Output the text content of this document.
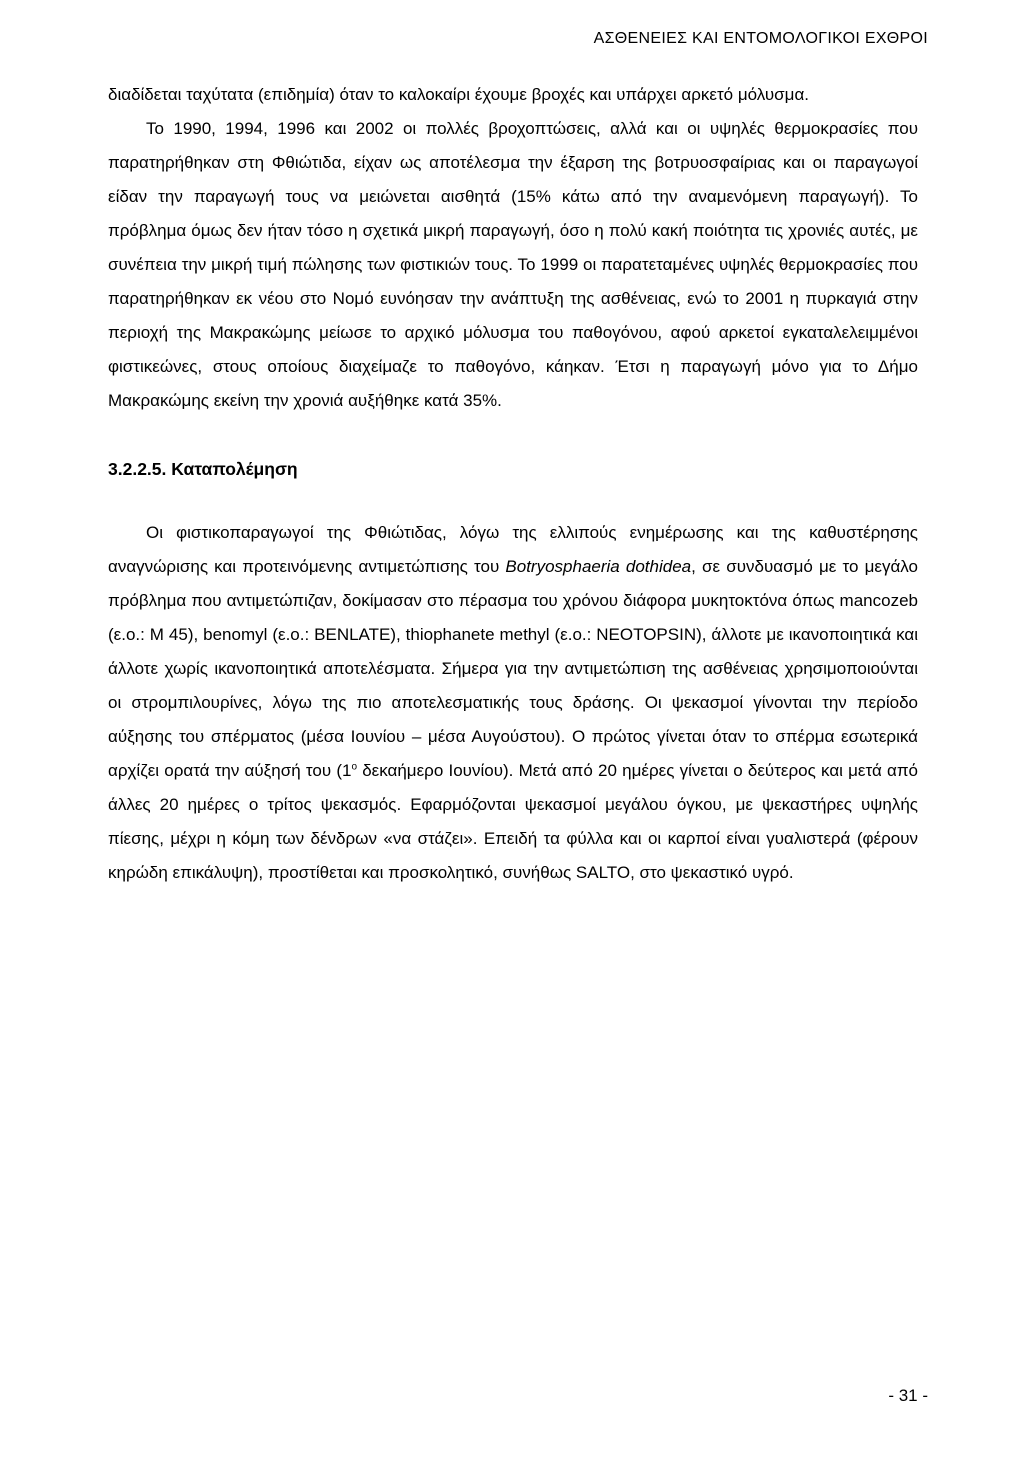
ΑΣΘΕΝΕΙΕΣ ΚΑΙ ΕΝΤΟΜΟΛΟΓΙΚΟΙ ΕΧΘΡΟΙ

διαδίδεται ταχύτατα (επιδημία) όταν το καλοκαίρι έχουμε βροχές και υπάρχει αρκετό μόλυσμα.

Το 1990, 1994, 1996 και 2002 οι πολλές βροχοπτώσεις, αλλά και οι υψηλές θερμοκρασίες που παρατηρήθηκαν στη Φθιώτιδα, είχαν ως αποτέλεσμα την έξαρση της βοτρυοσφαίριας και οι παραγωγοί είδαν την παραγωγή τους να μειώνεται αισθητά (15% κάτω από την αναμενόμενη παραγωγή). Το πρόβλημα όμως δεν ήταν τόσο η σχετικά μικρή παραγωγή, όσο η πολύ κακή ποιότητα τις χρονιές αυτές, με συνέπεια την μικρή τιμή πώλησης των φιστικιών τους. Το 1999 οι παρατεταμένες υψηλές θερμοκρασίες που παρατηρήθηκαν εκ νέου στο Νομό ευνόησαν την ανάπτυξη της ασθένειας, ενώ το 2001 η πυρκαγιά στην περιοχή της Μακρακώμης μείωσε το αρχικό μόλυσμα του παθογόνου, αφού αρκετοί εγκαταλελειμμένοι φιστικεώνες, στους οποίους διαχείμαζε το παθογόνο, κάηκαν. Έτσι η παραγωγή μόνο για το Δήμο Μακρακώμης εκείνη την χρονιά αυξήθηκε κατά 35%.

3.2.2.5. Καταπολέμηση

Οι φιστικοπαραγωγοί της Φθιώτιδας, λόγω της ελλιπούς ενημέρωσης και της καθυστέρησης αναγνώρισης και προτεινόμενης αντιμετώπισης του Botryosphaeria dothidea, σε συνδυασμό με το μεγάλο πρόβλημα που αντιμετώπιζαν, δοκίμασαν στο πέρασμα του χρόνου διάφορα μυκητοκτόνα όπως mancozeb (ε.ο.: M 45), benomyl (ε.ο.: BENLATE), thiophanete methyl (ε.ο.: NEOTOPSIN), άλλοτε με ικανοποιητικά και άλλοτε χωρίς ικανοποιητικά αποτελέσματα. Σήμερα για την αντιμετώπιση της ασθένειας χρησιμοποιούνται οι στρομπιλουρίνες, λόγω της πιο αποτελεσματικής τους δράσης. Οι ψεκασμοί γίνονται την περίοδο αύξησης του σπέρματος (μέσα Ιουνίου – μέσα Αυγούστου). Ο πρώτος γίνεται όταν το σπέρμα εσωτερικά αρχίζει ορατά την αύξησή του ($1^o$ δεκαήμερο Ιουνίου). Μετά από 20 ημέρες γίνεται ο δεύτερος και μετά από άλλες 20 ημέρες ο τρίτος ψεκασμός. Εφαρμόζονται ψεκασμοί μεγάλου όγκου, με ψεκαστήρες υψηλής πίεσης, μέχρι η κόμη των δένδρων «να στάζει». Επειδή τα φύλλα και οι καρποί είναι γυαλιστερά (φέρουν κηρώδη επικάλυψη), προστίθεται και προσκολητικό, συνήθως SALTO, στο ψεκαστικό υγρό.

- 31 -
